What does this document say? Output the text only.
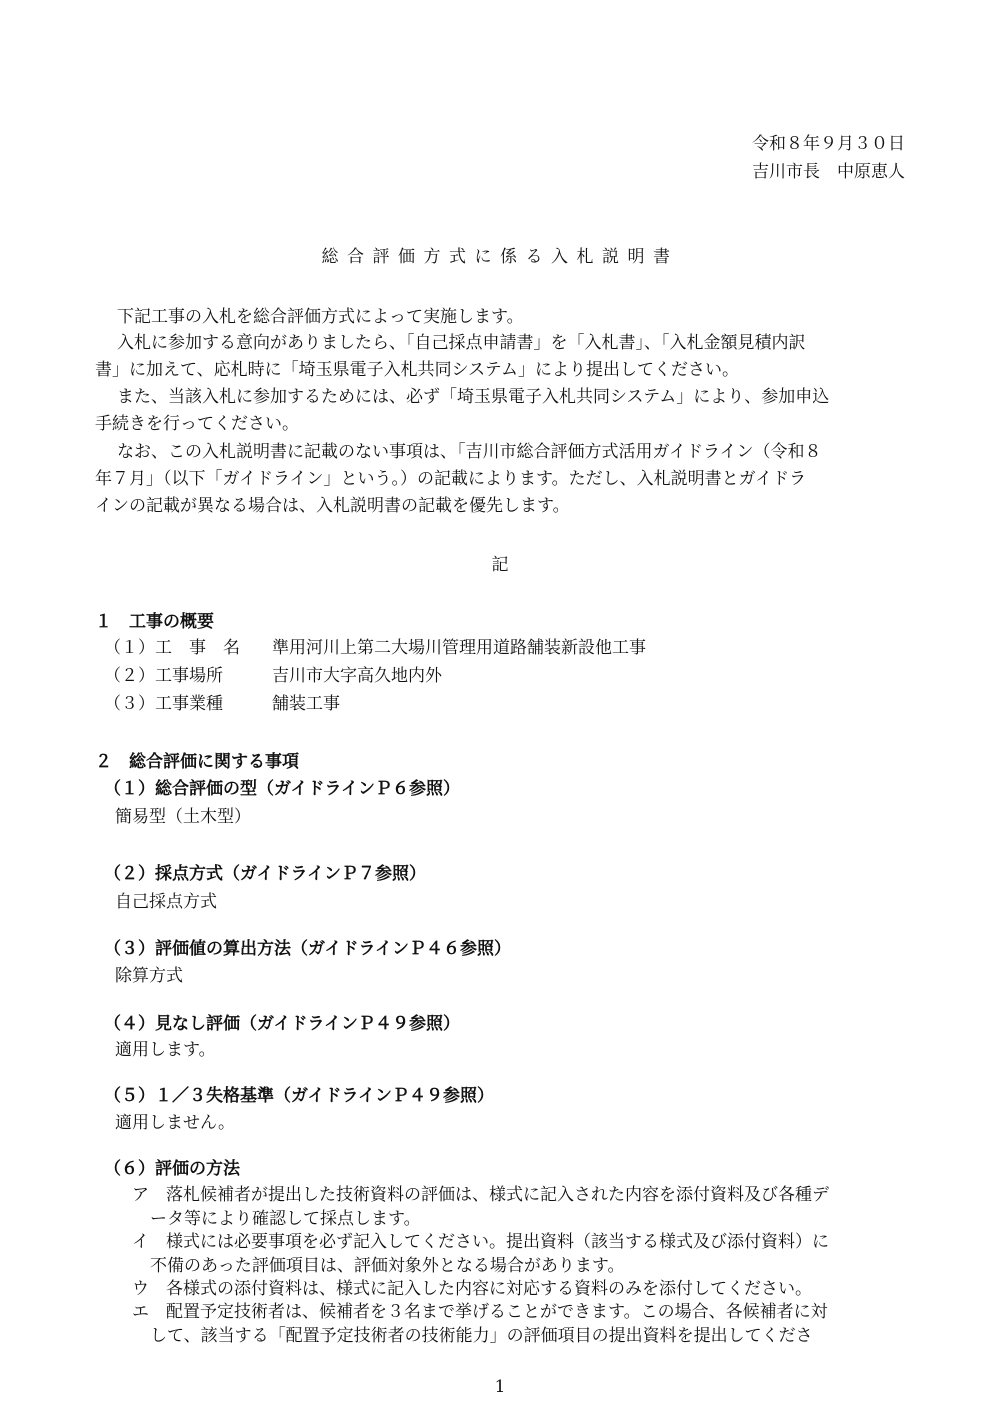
令和８年９月３０日
吉川市長　中原恵人
総合評価方式に係る入札説明書
下記工事の入札を総合評価方式によって実施します。
入札に参加する意向がありましたら、「自己採点申請書」を「入札書」、「入札金額見積内訳
書」に加えて、応札時に「埼玉県電子入札共同システム」により提出してください。
また、当該入札に参加するためには、必ず「埼玉県電子入札共同システム」により、参加申込
手続きを行ってください。
なお、この入札説明書に記載のない事項は、「吉川市総合評価方式活用ガイドライン（令和８
年７月」（以下「ガイドライン」という。）の記載によります。ただし、入札説明書とガイドラ
インの記載が異なる場合は、入札説明書の記載を優先します。
記
１　工事の概要
（１）工　事　名 準用河川上第二大場川管理用道路舗装新設他工事
（２）工事場所	吉川市大字高久地内外
（３）工事業種	舗装工事
２　総合評価に関する事項
（１）総合評価の型（ガイドラインＰ６参照）
簡易型（土木型）
（２）採点方式（ガイドラインＰ７参照）
自己採点方式
（３）評価値の算出方法（ガイドラインＰ４６参照）
除算方式
（４）見なし評価（ガイドラインＰ４９参照）
適用します。
（５）１／３失格基準（ガイドラインＰ４９参照）
適用しません。
（６）評価の方法
ア　落札候補者が提出した技術資料の評価は、様式に記入された内容を添付資料及び各種デ
ータ等により確認して採点します。
イ　様式には必要事項を必ず記入してください。提出資料（該当する様式及び添付資料）に
不備のあった評価項目は、評価対象外となる場合があります。
ウ　各様式の添付資料は、様式に記入した内容に対応する資料のみを添付してください。
エ　配置予定技術者は、候補者を３名まで挙げることができます。この場合、各候補者に対
して、該当する「配置予定技術者の技術能力」の評価項目の提出資料を提出してくださ
1
